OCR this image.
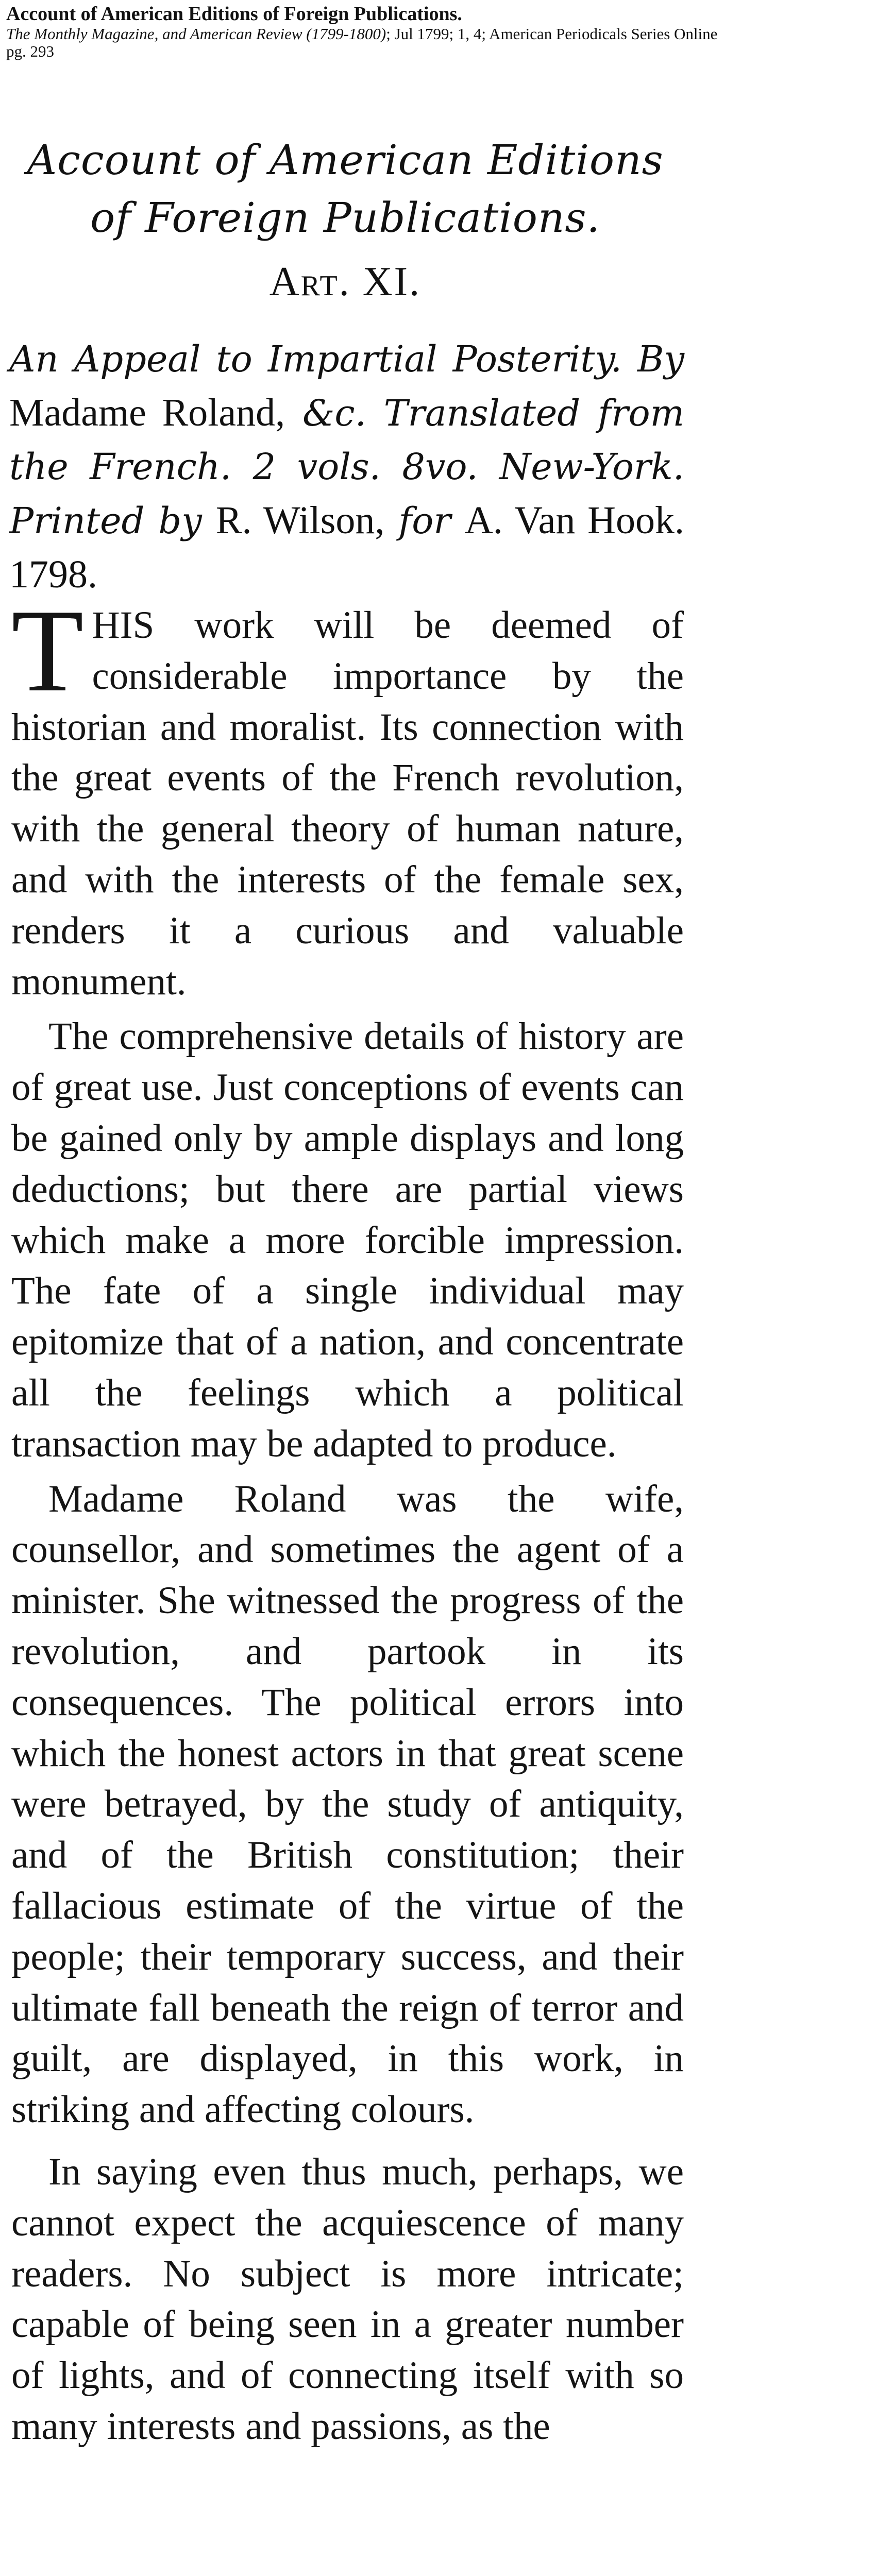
Account of American Editions of Foreign Publications.
The Monthly Magazine, and American Review (1799-1800); Jul 1799; 1, 4; American Periodicals Series Online
pg. 293
Account of American Editions of Foreign Publications.
Art. XI.
An Appeal to Impartial Posterity. By Madame Roland, &c. Translated from the French. 2 vols. 8vo. New-York. Printed by R. Wilson, for A. Van Hook. 1798.

THIS work will be deemed of considerable importance by the historian and moralist. Its connection with the great events of the French revolution, with the general theory of human nature, and with the interests of the female sex, renders it a curious and valuable monument.

The comprehensive details of history are of great use. Just conceptions of events can be gained only by ample displays and long deductions; but there are partial views which make a more forcible impression. The fate of a single individual may epitomize that of a nation, and concentrate all the feelings which a political transaction may be adapted to produce.

Madame Roland was the wife, counsellor, and sometimes the agent of a minister. She witnessed the progress of the revolution, and partook in its consequences. The political errors into which the honest actors in that great scene were betrayed, by the study of antiquity, and of the British constitution; their fallacious estimate of the virtue of the people; their temporary success, and their ultimate fall beneath the reign of terror and guilt, are displayed, in this work, in striking and affecting colours.

In saying even thus much, perhaps, we cannot expect the acquiescence of many readers. No subject is more intricate; capable of being seen in a greater number of lights, and of connecting itself with so many interests and passions, as the
